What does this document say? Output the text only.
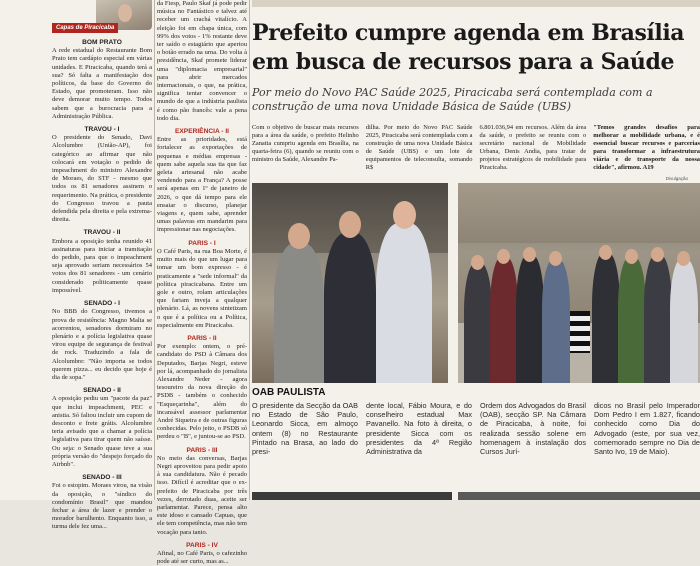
Capas de Piracicaba
BOM PRATO
A rede estadual do Restaurante Bom Prato tem cardápio especial em várias unidades. E Piracicaba, quando terá a sua? Só falta a manifestação dos políticos, da base do Governo do Estado, que promoteram. Isso não deve demorar muito tempo. Todos sabem que a burocracia para a Administração Pública.
TRAVOU - I
O presidente do Senado, Davi Alcolumbre (União-AP), foi categórico ao afirmar que não colocará em votação o pedido de impeachment do ministro Alexandre de Moraes, do STF - mesmo que todos os 81 senadores assinem o requerimento. Na prática, o presidente do Congresso travou a pauta defendida pela direita e pela extrema-direita.
TRAVOU - II
Embora a oposição tenha reunido 41 assinaturas para iniciar a tramitação do pedido, para que o impeachment seja aprovado seriam necessários 54 votos dos 81 senadores - um cenário considerado politicamente quase impossível.
SENADO - I
No BBB do Congresso, tivemos a prova de resistência: Magno Malta se acorrentou, senadores dormiram no plenário e a polícia legislativa quase virou equipe de segurança de festival de rock. Traduzindo a fala de Alcolumbre: "Não importa se todos querem pizza... eu decido que hoje é dia de sopa."
SENADO - II
A oposição pediu um "pacote da paz" que inclui impeachment, PEC e anistia. Só faltou incluir um cupom de desconto e frete grátis. Alcolumbre teria avisado que a chamar a polícia legislativa para tirar quem não saísse. Ou seja: o Senado quase teve a sua própria versão do "despejo forçado do Airbnb".
SENADO - III
Foi o estopim. Moraes virou, na visão da oposição, o "síndico do condomínio Brasil" que mandou fechar a área de lazer e prender o morador barulhento. Enquanto isso, a turma dele fez uma...
da Fiesp, Paulo Skaf já pode pedir música no Fantástico e talvez até receber um crachá vitalício. A eleição foi em chapa única, com 99% dos votos - 1% restante deve ter saído o estagiário que apertou o botão errado na urna. Do volta à presidência, Skaf promete liderar uma "diplomacia empresarial" para abrir mercados internacionais, o que, na prática, significa tentar convencer o mundo de que a indústria paulista é como pão francês: vale a pena todo dia.
EXPERIÊNCIA - II
Entre as prioridades, está fortalecer as exportações de pequenas e médias empresas - quem sabe aquela sua tia que faz geleia artesanal não acabe vendendo para a França? A posse será apenas em 1º de janeiro de 2026, o que dá tempo para ele ensaiar o discurso, planejar viagens e, quem sabe, aprender umas palavras em mandarim para impressionar nas negociações.
PARIS - I
O Café Paris, na rua Boa Morte, é muito mais do que um lugar para tomar um bom expresso - é praticamente a "sede informal" da política piracicabana. Entre um gole e outro, rolam articulações que fariam inveja a qualquer plenário. Lá, as novens sintetizam o que é a política ou a Política, especialmente em Piracicaba.
PARIS - II
Por exemplo: ontem, o pré-candidato do PSD à Câmara dos Deputados, Barjas Negri, esteve por lá, acompanhado do jornalista Alexandre Neder - agora tesoureiro da nova direção do PSDB - também o conhecido "Esqueçarinha", além do incansável assessor parlamentar André Siqueira e de outras figuras conhecidas. Pelo jeito, o PSDB só perdeu o "B", e juntou-se ao PSD.
PARIS - III
No meio das conversas, Barjas Negri aproveitou para pedir apoio à sua candidatura. Não é pecado isso. Difícil é acreditar que o ex-prefeito de Piracicaba por três vezes, derrotado duas, aceite ser parlamentar. Parece, pensa alto este idoso e cansado Capuas, que ele tem competência, mas não tem vocação para tanto.
PARIS - IV
Afinal, no Café Paris, o cafezinho pode até ser curto, mas as...
Prefeito cumpre agenda em Brasília em busca de recursos para a Saúde
Por meio do Novo PAC Saúde 2025, Piracicaba será contemplada com a construção de uma nova Unidade Básica de Saúde (UBS)
Com o objetivo de buscar mais recursos para a área da saúde, o prefeito Helinho Zanatta cumpriu agenda em Brasília, na quarta-feira (6), quando se reuniu com o ministro da Saúde, Alexandre Pa-
dilha. Por meio do Novo PAC Saúde 2025, Piracicaba será contemplada com a construção de uma nova Unidade Básica de Saúde (UBS) e um lote de equipamentos de teleconsulta, somando R$
6.801.036,94 em recursos. Além da área da saúde, o prefeito se reuniu com o secretário nacional de Mobilidade Urbana, Denis Andia, para tratar de projetos estratégicos de mobilidade para Piracicaba.
"Temos grandes desafios para melhorar a mobilidade urbana, e é essencial buscar recursos e parcerias para transformar a infraestrutura viária e de transporte da nossa cidade", afirmou. A19
Divulgação
OAB PAULISTA
O presidente da Secção da OAB no Estado de São Paulo, Leonardo Sicca, em almoço ontem (8) no Restaurante Pintado na Brasa, ao lado do presi-
dente local, Fábio Moura, e do conselheiro estadual Max Pavanello. Na foto à direita, o presidente Sicca com os presidentes da 4ª Região Administrativa da
Ordem dos Advogados do Brasil (OAB), secção SP. Na Câmara de Piracicaba, à noite, foi realizada sessão solene em homenagem à instalação dos Cursos Jurí-
dicos no Brasil pelo Imperador Dom Pedro I em 1.827, ficando conhecido como Dia do Advogado (este, por sua vez, comemorado sempre no Dia de Santo Ivo, 19 de Maio).
